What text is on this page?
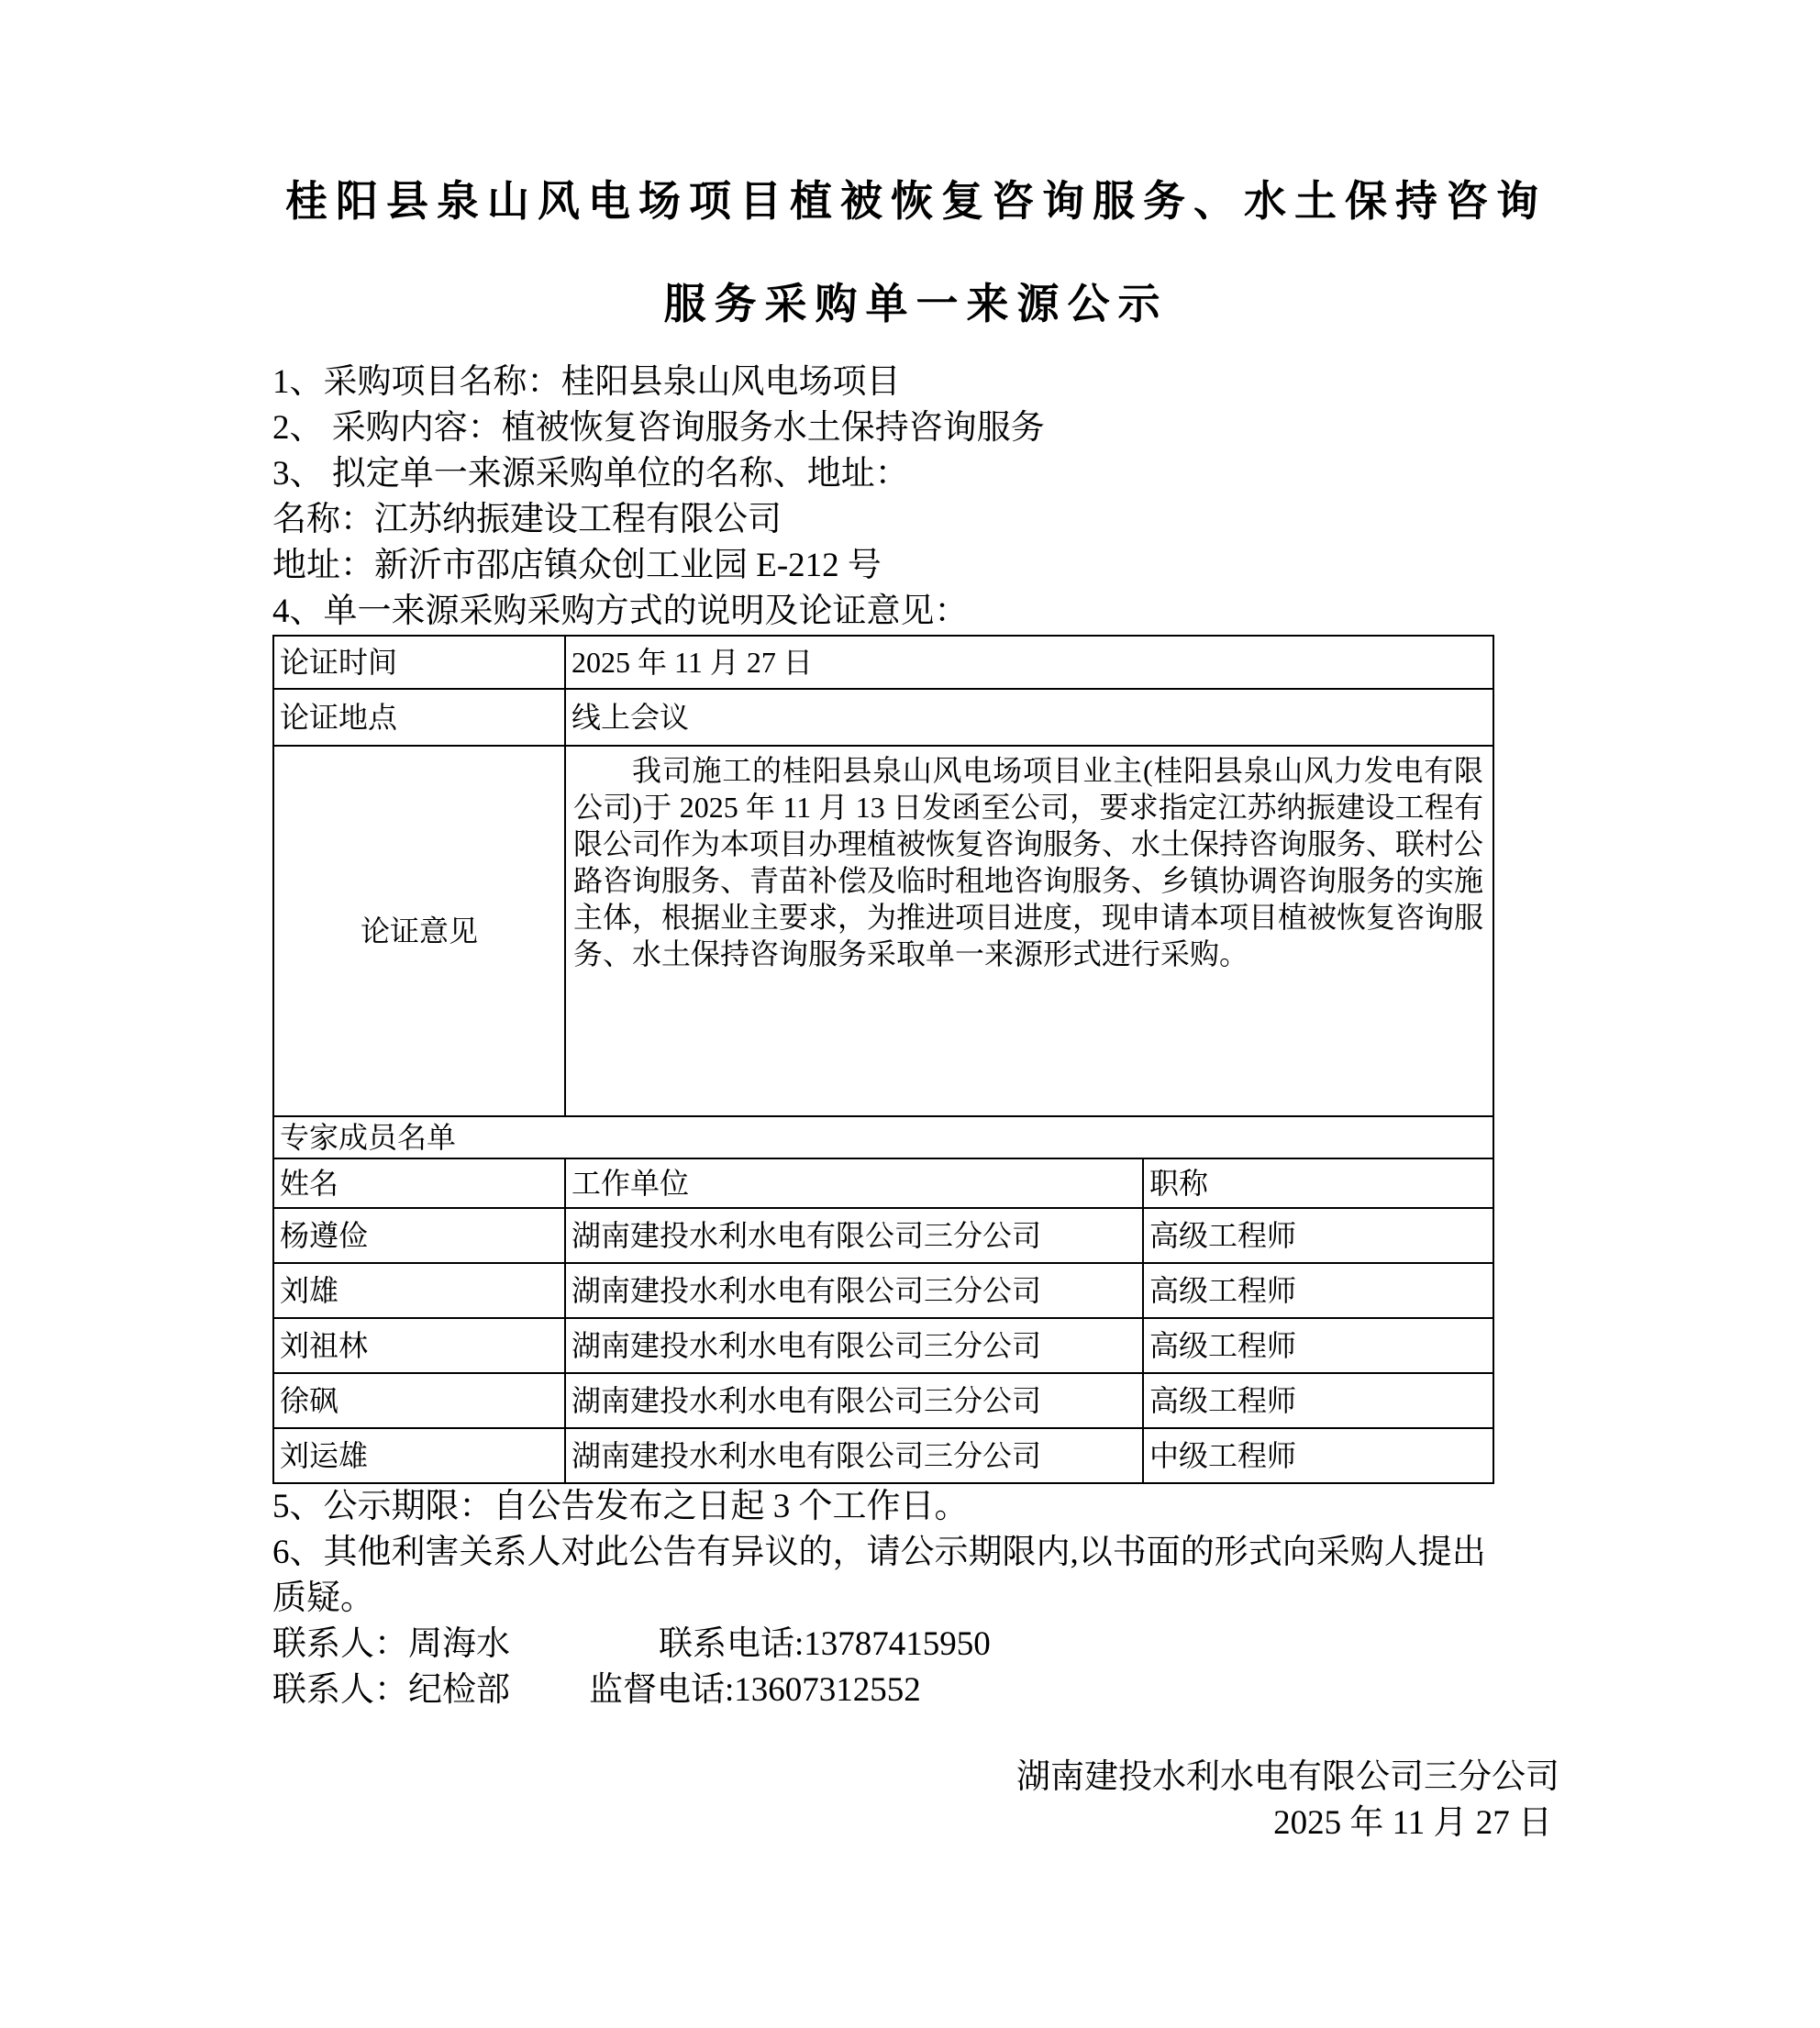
桂阳县泉山风电场项目植被恢复咨询服务、水土保持咨询
服务采购单一来源公示

1、采购项目名称：桂阳县泉山风电场项目

2、 采购内容：植被恢复咨询服务水土保持咨询服务

3、 拟定单一来源采购单位的名称、地址：

名称：江苏纳振建设工程有限公司

地址：新沂市邵店镇众创工业园 E-212 号

4、单一来源采购采购方式的说明及论证意见：

论证时间	2025 年 11 月 27 日	
论证地点	线上会议	
论证意见	我司施工的桂阳县泉山风电场项目业主(桂阳县泉山风力发电有限公司)于 2025 年 11 月 13 日发函至公司，要求指定江苏纳振建设工程有限公司作为本项目办理植被恢复咨询服务、水土保持咨询服务、联村公路咨询服务、青苗补偿及临时租地咨询服务、乡镇协调咨询服务的实施主体，根据业主要求，为推进项目进度，现申请本项目植被恢复咨询服务、水土保持咨询服务采取单一来源形式进行采购。	

专家成员名单		
姓名	工作单位	职称
杨遵俭	湖南建投水利水电有限公司三分公司	高级工程师
刘雄	湖南建投水利水电有限公司三分公司	高级工程师
刘祖林	湖南建投水利水电有限公司三分公司	高级工程师
徐砜	湖南建投水利水电有限公司三分公司	高级工程师
刘运雄	湖南建投水利水电有限公司三分公司	中级工程师

5、公示期限：自公告发布之日起 3 个工作日。

6、其他利害关系人对此公告有异议的，请公示期限内,以书面的形式向采购人提出质疑。

联系人：周海水	联系电话:13787415950

联系人：纪检部 监督电话:13607312552

湖南建投水利水电有限公司三分公司

2025 年 11 月 27 日
